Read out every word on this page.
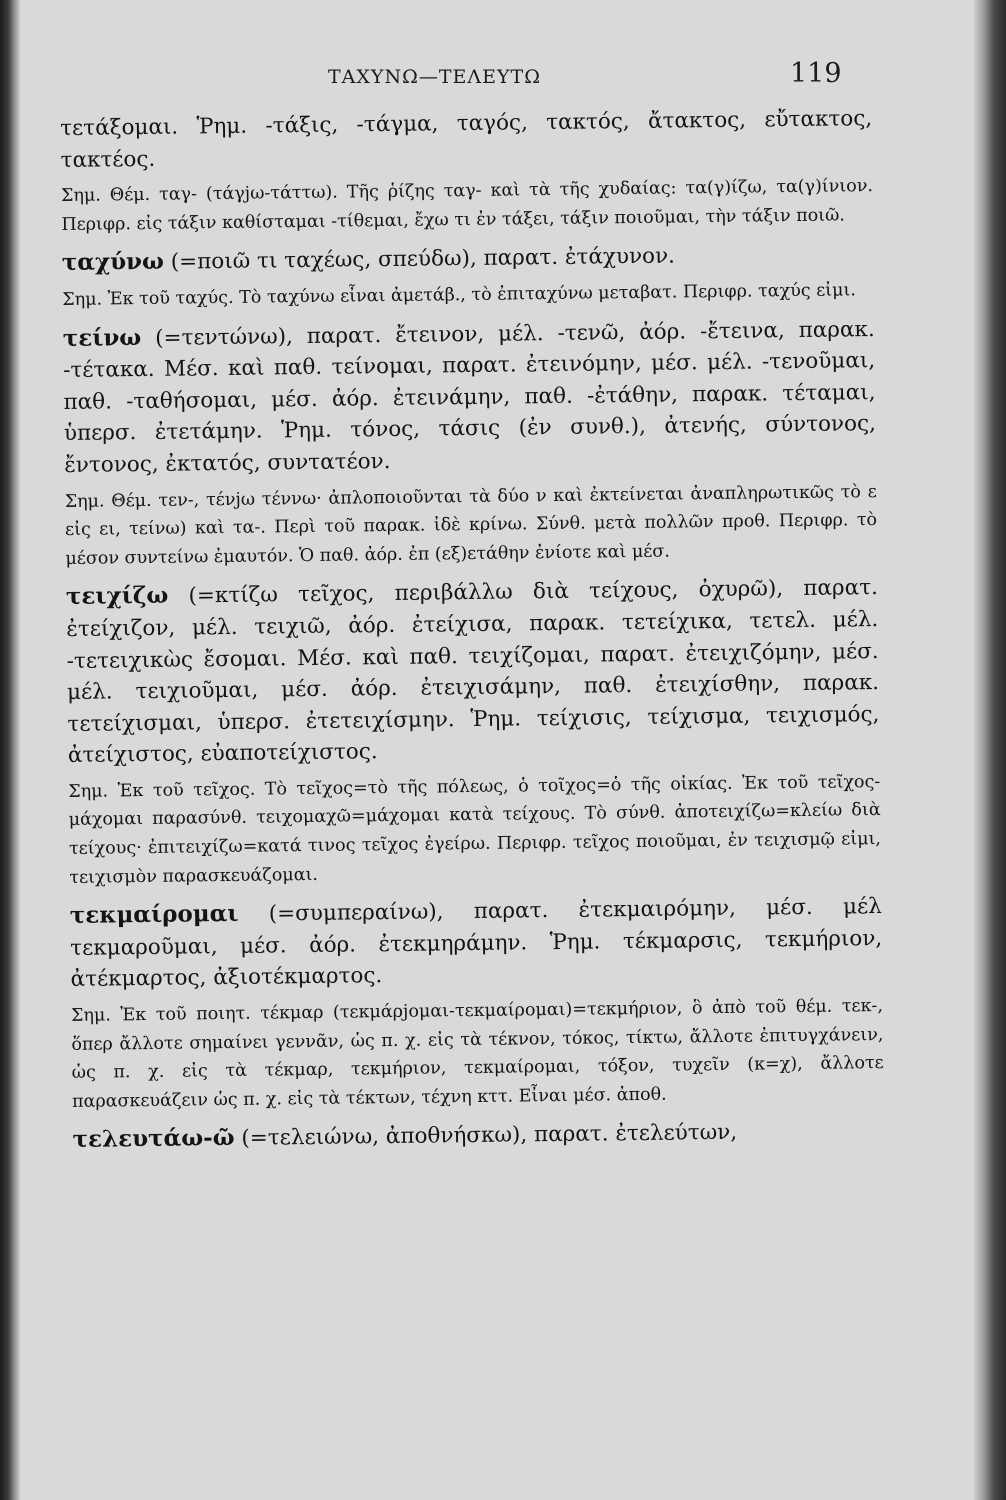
ΤΑΧΥΝΩ—ΤΕΛΕΥΤΩ	119

τετάξομαι. Ῥημ. -τάξις, -τάγμα, ταγός, τακτός, ἄτακτος, εὔτακτος, τακτέος.

Σημ. Θέμ. ταγ- (τάγjω-τάττω). Τῆς ῥίζης ταγ- καὶ τὰ τῆς χυδαίας: τα(γ)ίζω, τα(γ)ίνιον. Περιφρ. εἰς τάξιν καθίσταμαι -τίθεμαι, ἔχω τι ἐν τάξει, τάξιν ποιοῦμαι, τὴν τάξιν ποιῶ.

ταχύνω (=ποιῶ τι ταχέως, σπεύδω), παρατ. ἐτάχυνον.

Σημ. Ἐκ τοῦ ταχύς. Τὸ ταχύνω εἶναι ἀμετάβ., τὸ ἐπιταχύνω μεταβατ. Περιφρ. ταχύς εἰμι.

τείνω (=τεντώνω), παρατ. ἔτεινον, μέλ. -τενῶ, ἀόρ. -ἔτεινα, παρακ. -τέτακα. Μέσ. καὶ παθ. τείνομαι, παρατ. ἐτεινόμην, μέσ. μέλ. -τενοῦμαι, παθ. -ταθήσομαι, μέσ. ἀόρ. ἐτεινάμην, παθ. -ἐτάθην, παρακ. τέταμαι, ὑπερσ. ἐτετάμην. Ῥημ. τόνος, τάσις (ἐν συνθ.), ἀτενής, σύντονος, ἔντονος, ἐκτατός, συντατέον.

Σημ. Θέμ. τεν-, τένjω τέννω· ἀπλοποιοῦνται τὰ δύο ν καὶ ἐκτείνεται ἀναπληρωτικῶς τὸ ε εἰς ει, τείνω) καὶ τα-. Περὶ τοῦ παρακ. ἰδὲ κρίνω. Σύνθ. μετὰ πολλῶν προθ. Περιφρ. τὸ μέσον συντείνω ἐμαυτόν. Ὁ παθ. ἀόρ. ἐπ (εξ)ετάθην ἐνίοτε καὶ μέσ.

τειχίζω (=κτίζω τεῖχος, περιβάλλω διὰ τείχους, ὀχυρῶ), παρατ. ἐτείχιζον, μέλ. τειχιῶ, ἀόρ. ἐτείχισα, παρακ. τετείχικα, τετελ. μέλ. -τετειχικὼς ἔσομαι. Μέσ. καὶ παθ. τειχίζομαι, παρατ. ἐτειχιζόμην, μέσ. μέλ. τειχιοῦμαι, μέσ. ἀόρ. ἐτειχισάμην, παθ. ἐτειχίσθην, παρακ. τετείχισμαι, ὑπερσ. ἐτετειχίσμην. Ῥημ. τείχισις, τείχισμα, τειχισμός, ἀτείχιστος, εὐαποτείχιστος.

Σημ. Ἐκ τοῦ τεῖχος. Τὸ τεῖχος=τὸ τῆς πόλεως, ὁ τοῖχος=ὁ τῆς οἰκίας. Ἐκ τοῦ τεῖχος-μάχομαι παρασύνθ. τειχομαχῶ=μάχομαι κατὰ τείχους. Τὸ σύνθ. ἀποτειχίζω=κλείω διὰ τείχους· ἐπιτειχίζω=κατά τινος τεῖχος ἐγείρω. Περιφρ. τεῖχος ποιοῦμαι, ἐν τειχισμῷ εἰμι, τειχισμὸν παρασκευάζομαι.

τεκμαίρομαι (=συμπεραίνω), παρατ. ἐτεκμαιρόμην, μέσ. μέλ τεκμαροῦμαι, μέσ. ἀόρ. ἐτεκμηράμην. Ῥημ. τέκμαρσις, τεκμήριον, ἀτέκμαρτος, ἀξιοτέκμαρτος.

Σημ. Ἐκ τοῦ ποιητ. τέκμαρ (τεκμάρjομαι-τεκμαίρομαι)=τεκμήριον, ὃ ἀπὸ τοῦ θέμ. τεκ-, ὅπερ ἄλλοτε σημαίνει γεννᾶν, ὡς π. χ. εἰς τὰ τέκνον, τόκος, τίκτω, ἄλλοτε ἐπιτυγχάνειν, ὡς π. χ. εἰς τὰ τέκμαρ, τεκμήριον, τεκμαίρομαι, τόξον, τυχεῖν (κ=χ), ἄλλοτε παρασκευάζειν ὡς π. χ. εἰς τὰ τέκτων, τέχνη κττ. Εἶναι μέσ. ἀποθ.

τελευτάω-ῶ (=τελειώνω, ἀποθνήσκω), παρατ. ἐτελεύτων,
